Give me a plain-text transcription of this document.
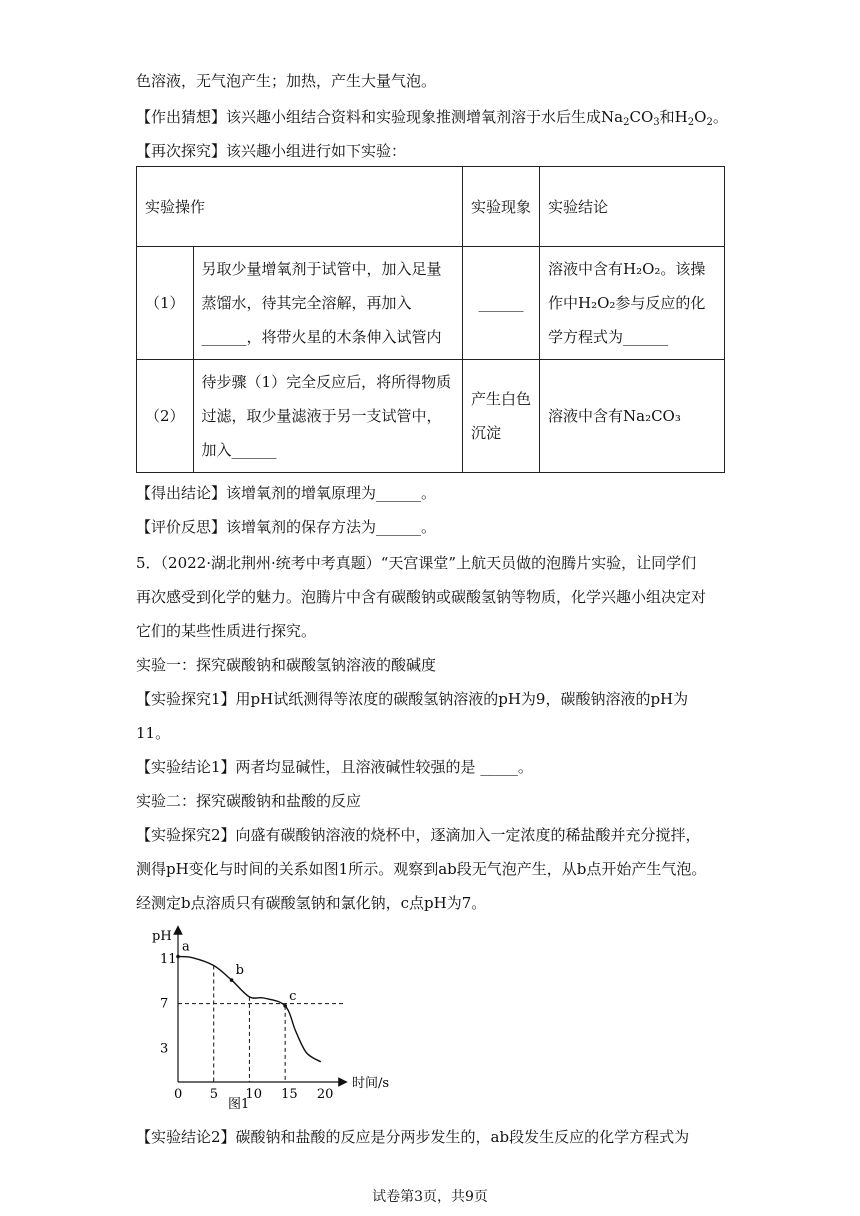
色溶液，无气泡产生；加热，产生大量气泡。
【作出猜想】该兴趣小组结合资料和实验现象推测增氧剂溶于水后生成$Na_2CO_3$和$H_2O_2$。
【再次探究】该兴趣小组进行如下实验：
实验操作		实验现象	实验结论
（1）	另取少量增氧剂于试管中，加入足量蒸馏水，待其完全溶解，再加入______，将带火星的木条伸入试管内	______	溶液中含有H₂O₂。该操作中H₂O₂参与反应的化学方程式为______
（2）	待步骤（1）完全反应后，将所得物质过滤，取少量滤液于另一支试管中，加入______	产生白色沉淀	溶液中含有Na₂CO₃
【得出结论】该增氧剂的增氧原理为______。
【评价反思】该增氧剂的保存方法为______。
5．（2022·湖北荆州·统考中考真题）“天宫课堂”上航天员做的泡腾片实验，让同学们
再次感受到化学的魅力。泡腾片中含有碳酸钠或碳酸氢钠等物质，化学兴趣小组决定对
它们的某些性质进行探究。
实验一：探究碳酸钠和碳酸氢钠溶液的酸碱度
【实验探究1】用pH试纸测得等浓度的碳酸氢钠溶液的pH为9，碳酸钠溶液的pH为
11。
【实验结论1】两者均显碱性，且溶液碱性较强的是 _____。
实验二：探究碳酸钠和盐酸的反应
【实验探究2】向盛有碳酸钠溶液的烧杯中，逐滴加入一定浓度的稀盐酸并充分搅拌，
测得pH变化与时间的关系如图1所示。观察到ab段无气泡产生，从b点开始产生气泡。
经测定b点溶质只有碳酸氢钠和氯化钠，c点pH为7。
pH
时间/s
图1
11
7
3
0 5 10 15 20
a
b
c
【实验结论2】碳酸钠和盐酸的反应是分两步发生的，ab段发生反应的化学方程式为
试卷第3页，共9页
